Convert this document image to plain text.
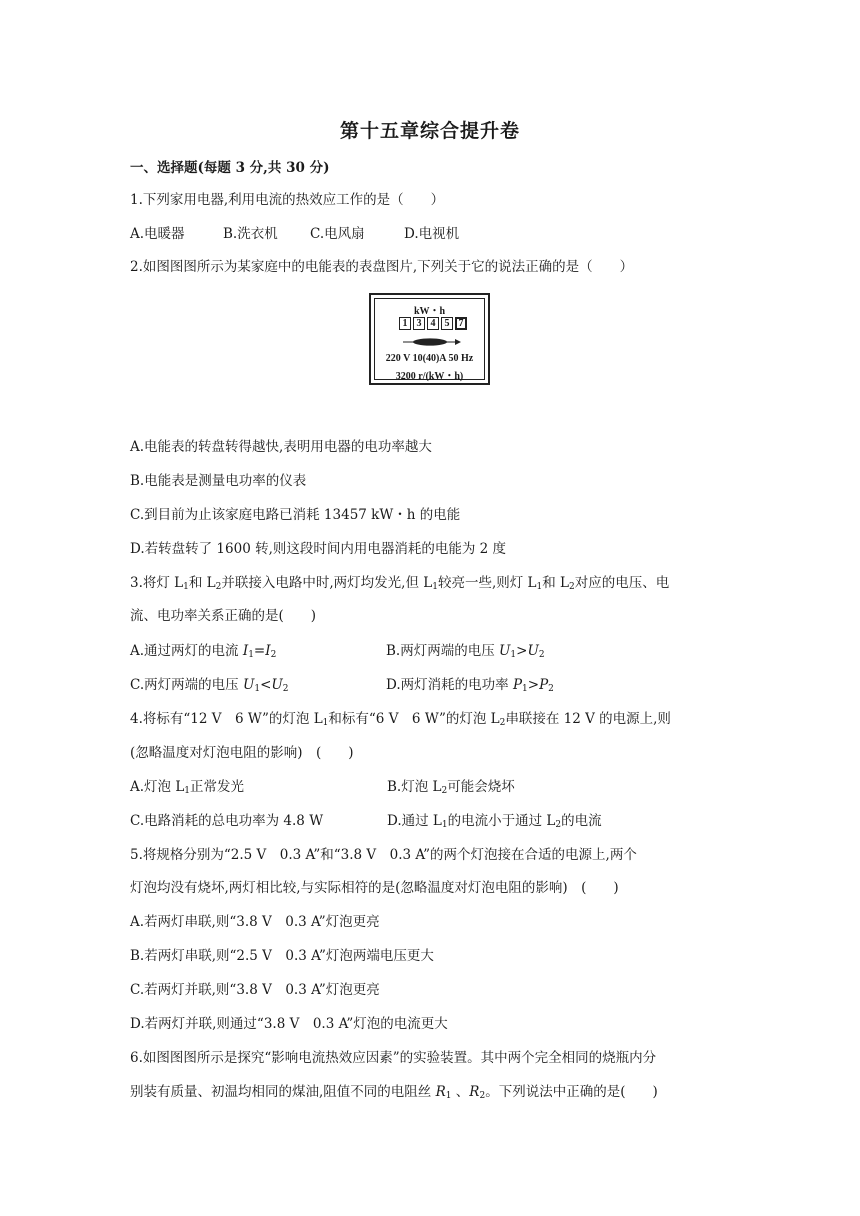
第十五章综合提升卷
一、选择题(每题 3 分,共 30 分)
1.下列家用电器,利用电流的热效应工作的是（　　）
A.电暖器	B.洗衣机 C.电风扇	D.电视机
2.如图图图所示为某家庭中的电能表的表盘图片,下列关于它的说法正确的是（　　）
kW・h
1 3 4 5 7
220 V 10(40)A 50 Hz
3200 r/(kW・h)
A.电能表的转盘转得越快,表明用电器的电功率越大
B.电能表是测量电功率的仪表
C.到目前为止该家庭电路已消耗 13457 kW・h 的电能
D.若转盘转了 1600 转,则这段时间内用电器消耗的电能为 2 度
3.将灯 $L_1$和 $L_2$并联接入电路中时,两灯均发光,但 $L_1$较亮一些,则灯 $L_1$和 $L_2$对应的电压、电
流、电功率关系正确的是(　　)
A.通过两灯的电流 $I_1=I_2$	B.两灯两端的电压 $U_1>U_2$
C.两灯两端的电压 $U_1<U_2$	D.两灯消耗的电功率 $P_1>P_2$
4.将标有“12 V　6 W”的灯泡 $L_1$和标有“6 V　6 W”的灯泡 $L_2$串联接在 12 V 的电源上,则
(忽略温度对灯泡电阻的影响)　(　　)
A.灯泡 $L_1$正常发光	B.灯泡 $L_2$可能会烧坏
C.电路消耗的总电功率为 4.8 W	D.通过 $L_1$的电流小于通过 $L_2$的电流
5.将规格分别为“2.5 V　0.3 A”和“3.8 V　0.3 A”的两个灯泡接在合适的电源上,两个
灯泡均没有烧坏,两灯相比较,与实际相符的是(忽略温度对灯泡电阻的影响)　(　　)
A.若两灯串联,则“3.8 V　0.3 A”灯泡更亮
B.若两灯串联,则“2.5 V　0.3 A”灯泡两端电压更大
C.若两灯并联,则“3.8 V　0.3 A”灯泡更亮
D.若两灯并联,则通过“3.8 V　0.3 A”灯泡的电流更大
6.如图图图所示是探究“影响电流热效应因素”的实验装置。其中两个完全相同的烧瓶内分
别装有质量、初温均相同的煤油,阻值不同的电阻丝 $R_1$ 、$R_2$。下列说法中正确的是(　　)
